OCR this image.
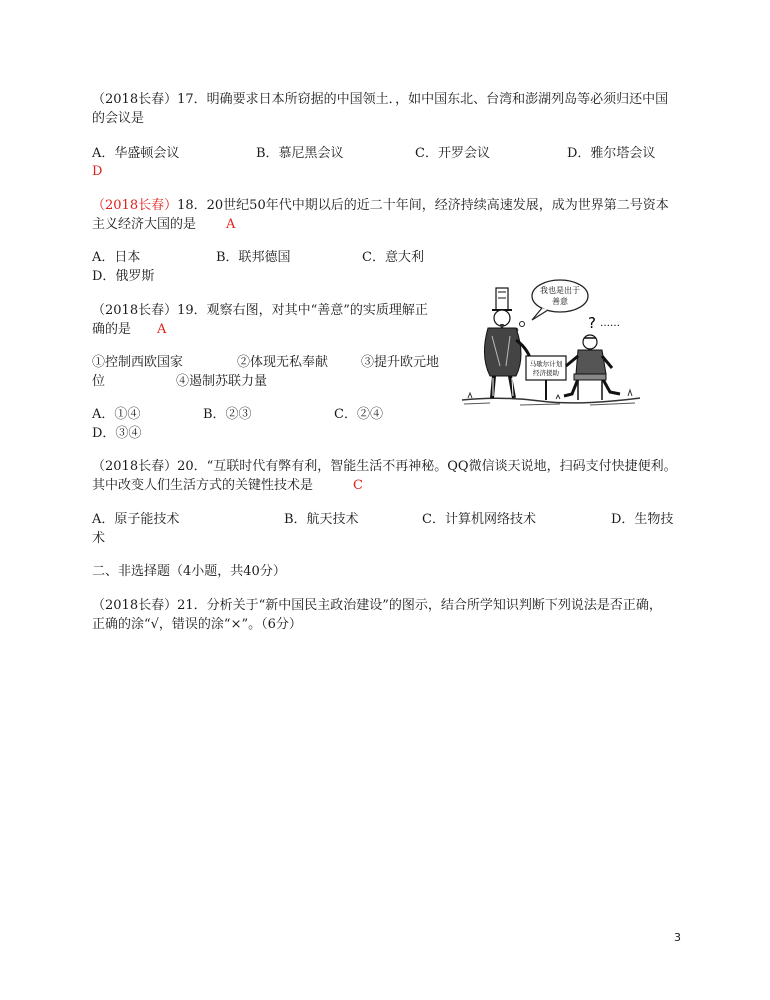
（2018长春）17．明确要求日本所窃据的中国领土．，如中国东北、台湾和澎湖列岛等必须归还中国
的会议是
A．华盛顿会议	B．慕尼黑会议	C．开罗会议	D．雅尔塔会议
D
（2018长春）18．20世纪50年代中期以后的近二十年间，经济持续高速发展，成为世界第二号资本
主义经济大国的是 A
A．日本	B．联邦德国	C．意大利
D．俄罗斯
（2018长春）19．观察右图，对其中“善意”的实质理解正
确的是 A
①控制西欧国家	②体现无私奉献	③提升欧元地
位	④遏制苏联力量
A．①④	B．②③	C．②④
D．③④
我也是出于
善意
马歇尔计划
经济援助
? ……
（2018长春）20．“互联时代有弊有利，智能生活不再神秘。QQ微信谈天说地，扫码支付快捷便利。
其中改变人们生活方式的关键性技术是	C
A．原子能技术	B．航天技术	C．计算机网络技术	D．生物技
术
二、非选择题（4小题，共40分）
（2018长春）21．分析关于“新中国民主政治建设”的图示，结合所学知识判断下列说法是否正确，
正确的涂“√，错误的涂“×”。（6分）
3
